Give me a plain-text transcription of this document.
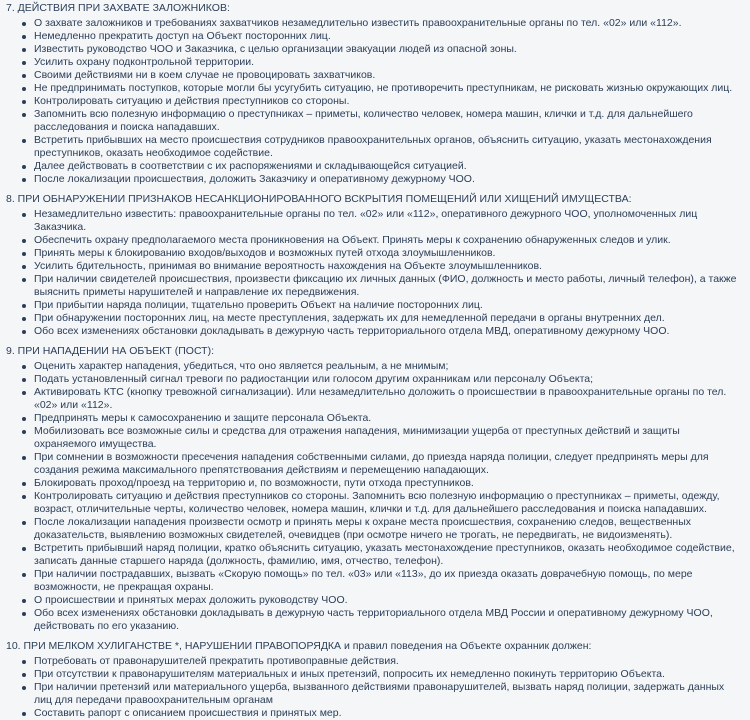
7. ДЕЙСТВИЯ ПРИ ЗАХВАТЕ ЗАЛОЖНИКОВ:
О захвате заложников и требованиях захватчиков незамедлительно известить правоохранительные органы по тел. «02» или «112».
Немедленно прекратить доступ на Объект посторонних лиц.
Известить руководство ЧОО и Заказчика, с целью организации эвакуации людей из опасной зоны.
Усилить охрану подконтрольной территории.
Своими действиями ни в коем случае не провоцировать захватчиков.
Не предпринимать поступков, которые могли бы усугубить ситуацию, не противоречить преступникам, не рисковать жизнью окружающих лиц.
Контролировать ситуацию и действия преступников со стороны.
Запомнить всю полезную информацию о преступниках – приметы, количество человек, номера машин, клички и т.д. для дальнейшего расследования и поиска нападавших.
Встретить прибывших на место происшествия сотрудников правоохранительных органов, объяснить ситуацию, указать местонахождения преступников, оказать необходимое содействие.
Далее действовать в соответствии с их распоряжениями и складывающейся ситуацией.
После локализации происшествия, доложить Заказчику и оперативному дежурному ЧОО.
8. ПРИ ОБНАРУЖЕНИИ ПРИЗНАКОВ НЕСАНКЦИОНИРОВАННОГО ВСКРЫТИЯ ПОМЕЩЕНИЙ ИЛИ ХИЩЕНИЙ ИМУЩЕСТВА:
Незамедлительно известить: правоохранительные органы по тел. «02» или «112», оперативного дежурного ЧОО, уполномоченных лиц Заказчика.
Обеспечить охрану предполагаемого места проникновения на Объект. Принять меры к сохранению обнаруженных следов и улик.
Принять меры к блокированию входов/выходов и возможных путей отхода злоумышленников.
Усилить бдительность, принимая во внимание вероятность нахождения на Объекте злоумышленников.
При наличии свидетелей происшествия, произвести фиксацию их личных данных (ФИО, должность и место работы, личный телефон), а также выяснить приметы нарушителей и направление их передвижения.
При прибытии наряда полиции, тщательно проверить Объект на наличие посторонних лиц.
При обнаружении посторонних лиц, на месте преступления, задержать их для немедленной передачи в органы внутренних дел.
Обо всех изменениях обстановки докладывать в дежурную часть территориального отдела МВД, оперативному дежурному ЧОО.
9. ПРИ НАПАДЕНИИ НА ОБЪЕКТ (ПОСТ):
Оценить характер нападения, убедиться, что оно является реальным, а не мнимым;
Подать установленный сигнал тревоги по радиостанции или голосом другим охранникам или персоналу Объекта;
Активировать КТС (кнопку тревожной сигнализации). Или незамедлительно доложить о происшествии в правоохранительные органы по тел. «02» или «112».
Предпринять меры к самосохранению и защите персонала Объекта.
Мобилизовать все возможные силы и средства для отражения нападения, минимизации ущерба от преступных действий и защиты охраняемого имущества.
При сомнении в возможности пресечения нападения собственными силами, до приезда наряда полиции, следует предпринять меры для создания режима максимального препятствования действиям и перемещению нападающих.
Блокировать проход/проезд на территорию и, по возможности, пути отхода преступников.
Контролировать ситуацию и действия преступников со стороны. Запомнить всю полезную информацию о преступниках – приметы, одежду, возраст, отличительные черты, количество человек, номера машин, клички и т.д. для дальнейшего расследования и поиска нападавших.
После локализации нападения произвести осмотр и принять меры к охране места происшествия, сохранению следов, вещественных доказательств, выявлению возможных свидетелей, очевидцев (при осмотре ничего не трогать, не передвигать, не видоизменять).
Встретить прибывший наряд полиции, кратко объяснить ситуацию, указать местонахождение преступников, оказать необходимое содействие, записать данные старшего наряда (должность, фамилию, имя, отчество, телефон).
При наличии пострадавших, вызвать «Скорую помощь» по тел. «03» или «113», до их приезда оказать доврачебную помощь, по мере возможности, не прекращая охраны.
О происшествии и принятых мерах доложить руководству ЧОО.
Обо всех изменениях обстановки докладывать в дежурную часть территориального отдела МВД России и оперативному дежурному ЧОО, действовать по его указанию.
10. ПРИ МЕЛКОМ ХУЛИГАНСТВЕ *, НАРУШЕНИИ ПРАВОПОРЯДКА и правил поведения на Объекте охранник должен:
Потребовать от правонарушителей прекратить противоправные действия.
При отсутствии к правонарушителям материальных и иных претензий, попросить их немедленно покинуть территорию Объекта.
При наличии претензий или материального ущерба, вызванного действиями правонарушителей, вызвать наряд полиции, задержать данных лиц для передачи правоохранительным органам
Составить рапорт с описанием происшествия и принятых мер.
